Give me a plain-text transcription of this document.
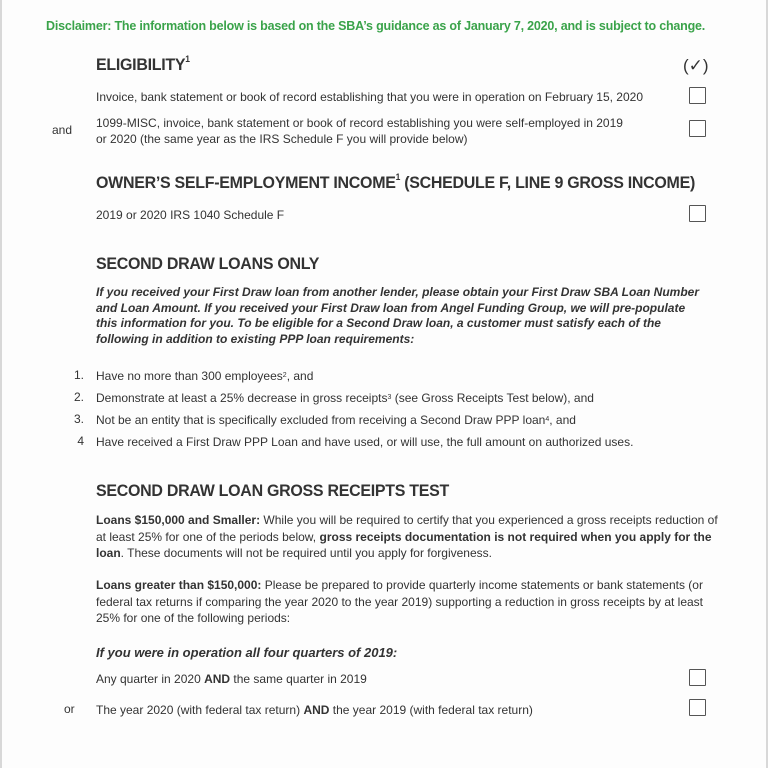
Disclaimer: The information below is based on the SBA’s guidance as of January 7, 2020, and is subject to change.
ELIGIBILITY$^1$	(✓)
Invoice, bank statement or book of record establishing that you were in operation on February 15, 2020
and 1099-MISC, invoice, bank statement or book of record establishing you were self-employed in 2019
or 2020 (the same year as the IRS Schedule F you will provide below)
OWNER’S SELF-EMPLOYMENT INCOME$^1$ (SCHEDULE F, LINE 9 GROSS INCOME)
2019 or 2020 IRS 1040 Schedule F
SECOND DRAW LOANS ONLY
If you received your First Draw loan from another lender, please obtain your First Draw SBA Loan Number and Loan Amount. If you received your First Draw loan from Angel Funding Group, we will pre-populate this information for you. To be eligible for a Second Draw loan, a customer must satisfy each of the following in addition to existing PPP loan requirements:
1. Have no more than 300 employees$^2$, and
2. Demonstrate at least a 25% decrease in gross receipts$^3$ (see Gross Receipts Test below), and
3. Not be an entity that is specifically excluded from receiving a Second Draw PPP loan$^4$, and
4 Have received a First Draw PPP Loan and have used, or will use, the full amount on authorized uses.
SECOND DRAW LOAN GROSS RECEIPTS TEST
Loans $150,000 and Smaller: While you will be required to certify that you experienced a gross receipts reduction of at least 25% for one of the periods below, gross receipts documentation is not required when you apply for the loan. These documents will not be required until you apply for forgiveness.
Loans greater than $150,000: Please be prepared to provide quarterly income statements or bank statements (or federal tax returns if comparing the year 2020 to the year 2019) supporting a reduction in gross receipts by at least 25% for one of the following periods:
If you were in operation all four quarters of 2019:
Any quarter in 2020 AND the same quarter in 2019
or The year 2020 (with federal tax return) AND the year 2019 (with federal tax return)
